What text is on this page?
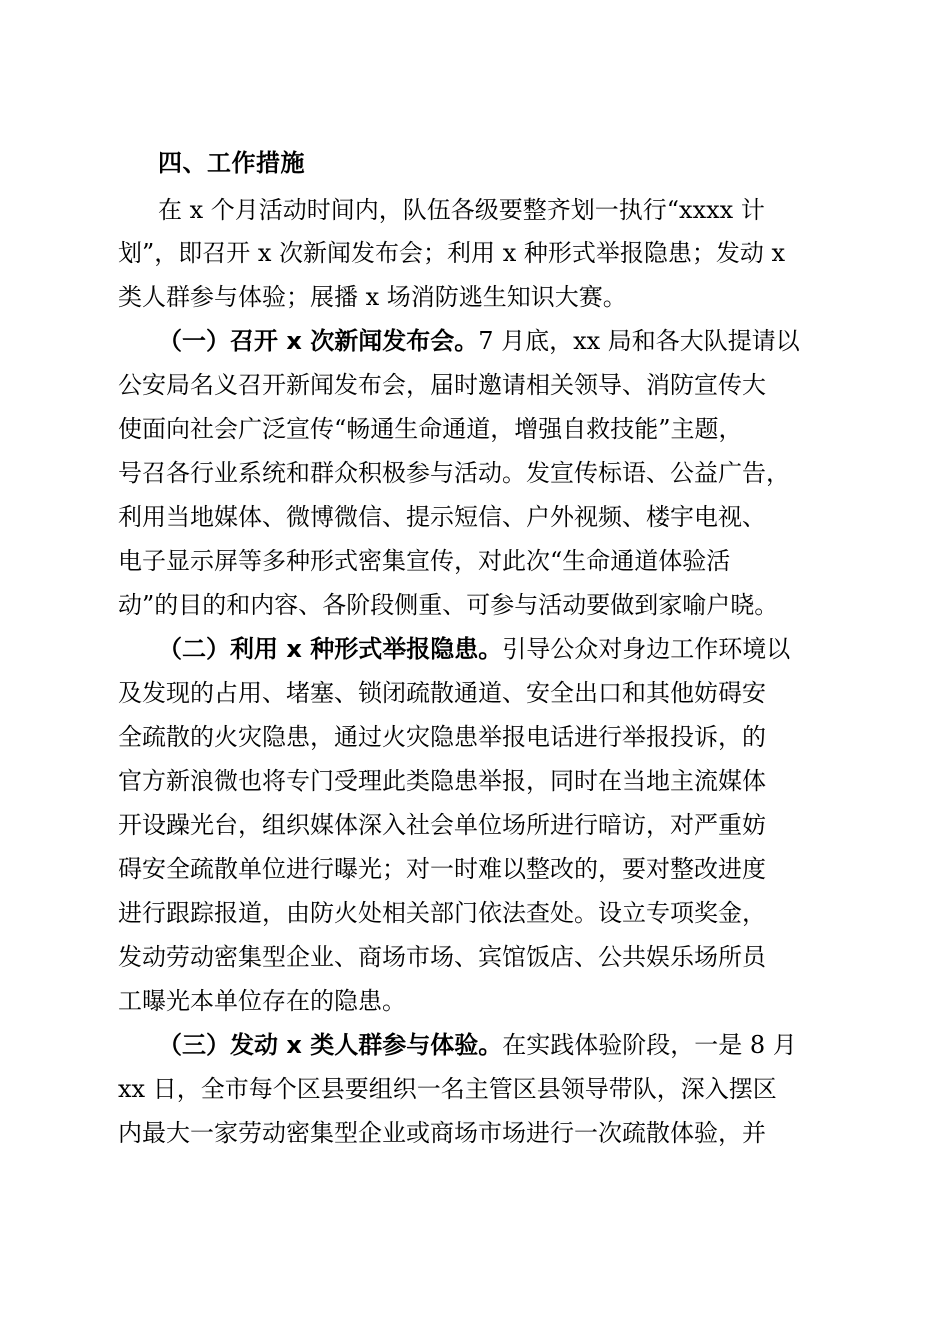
四、工作措施
在 x 个月活动时间内，队伍各级要整齐划一执行“xxxx 计
划”，即召开 x 次新闻发布会；利用 x 种形式举报隐患；发动 x
类人群参与体验；展播 x 场消防逃生知识大赛。
（一）召开 x 次新闻发布会。7 月底，xx 局和各大队提请以
公安局名义召开新闻发布会，届时邀请相关领导、消防宣传大
使面向社会广泛宣传“畅通生命通道，增强自救技能”主题，
号召各行业系统和群众积极参与活动。发宣传标语、公益广告，
利用当地媒体、微博微信、提示短信、户外视频、楼宇电视、
电子显示屏等多种形式密集宣传，对此次“生命通道体验活
动”的目的和内容、各阶段侧重、可参与活动要做到家喻户晓。
（二）利用 x 种形式举报隐患。引导公众对身边工作环境以
及发现的占用、堵塞、锁闭疏散通道、安全出口和其他妨碍安
全疏散的火灾隐患，通过火灾隐患举报电话进行举报投诉，的
官方新浪微也将专门受理此类隐患举报，同时在当地主流媒体
开设躁光台，组织媒体深入社会单位场所进行暗访，对严重妨
碍安全疏散单位进行曝光；对一时难以整改的，要对整改进度
进行跟踪报道，由防火处相关部门依法查处。设立专项奖金，
发动劳动密集型企业、商场市场、宾馆饭店、公共娱乐场所员
工曝光本单位存在的隐患。
（三）发动 x 类人群参与体验。在实践体验阶段，一是 8 月
xx 日，全市每个区县要组织一名主管区县领导带队，深入摆区
内最大一家劳动密集型企业或商场市场进行一次疏散体验，并
